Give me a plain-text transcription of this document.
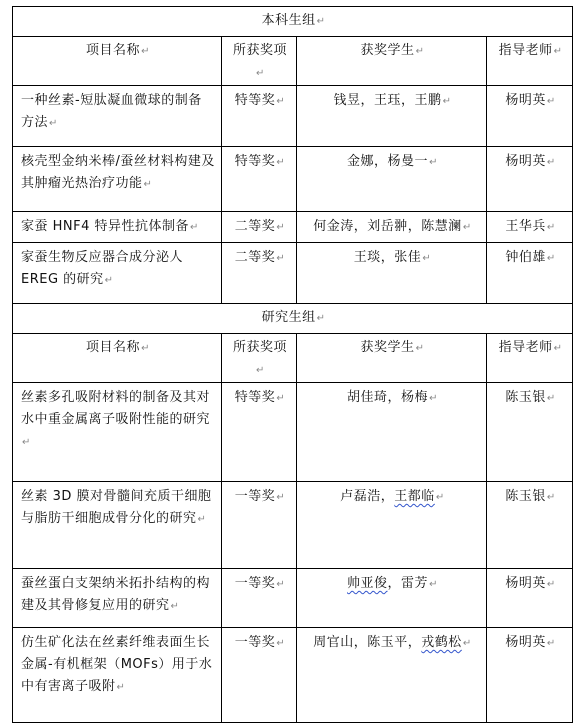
本科生组↵			
项目名称↵	所获奖项↵	获奖学生↵	指导老师↵
一种丝素-短肽凝血微球的制备方法↵	特等奖↵	钱昱，王珏，王鹏↵	杨明英↵
核壳型金纳米棒/蚕丝材料构建及其肿瘤光热治疗功能↵	特等奖↵	金娜，杨曼一↵	杨明英↵
家蚕 HNF4 特异性抗体制备↵	二等奖↵	何金涛，刘岳翀，陈慧澜↵	王华兵↵
家蚕生物反应器合成分泌人 EREG 的研究↵	二等奖↵	王琰，张佳↵	钟伯雄↵
研究生组↵			
项目名称↵	所获奖项↵	获奖学生↵	指导老师↵
丝素多孔吸附材料的制备及其对水中重金属离子吸附性能的研究↵	特等奖↵	胡佳琦，杨梅↵	陈玉银↵
丝素 3D 膜对骨髓间充质干细胞与脂肪干细胞成骨分化的研究↵	一等奖↵	卢磊浩，王都临↵	陈玉银↵
蚕丝蛋白支架纳米拓扑结构的构建及其骨修复应用的研究↵	一等奖↵	帅亚俊，雷芳↵	杨明英↵
仿生矿化法在丝素纤维表面生长金属-有机框架（MOFs）用于水中有害离子吸附↵	一等奖↵	周官山，陈玉平，戎鹤松↵	杨明英↵
